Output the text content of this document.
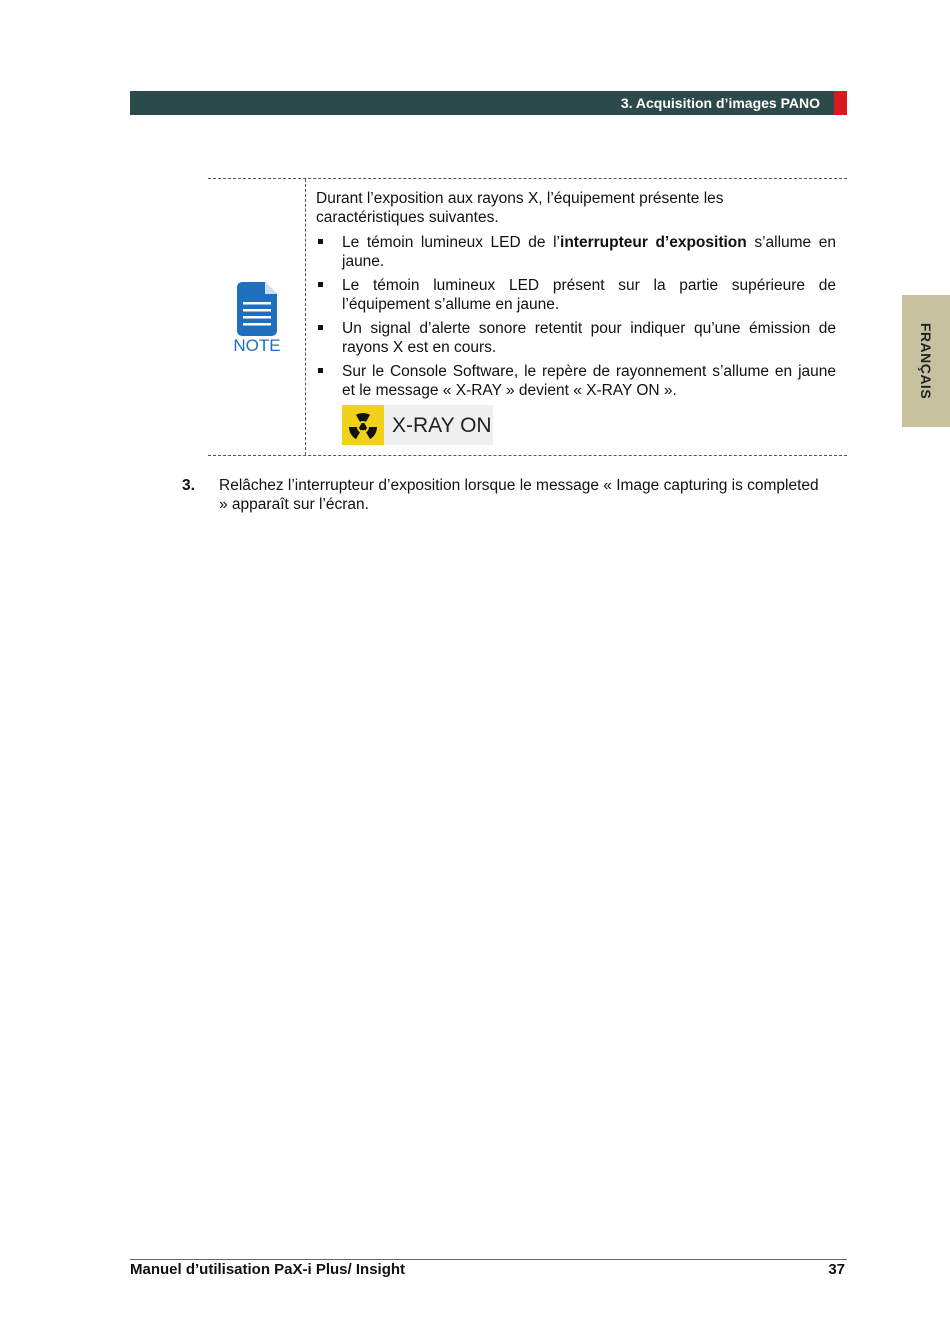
3. Acquisition d’images PANO
FRANÇAIS
NOTE

Durant l’exposition aux rayons X, l’équipement présente les caractéristiques suivantes.

Le témoin lumineux LED de l’interrupteur d’exposition s’allume en jaune.
Le témoin lumineux LED présent sur la partie supérieure de l’équipement s’allume en jaune.
Un signal d’alerte sonore retentit pour indiquer qu’une émission de rayons X est en cours.
Sur le Console Software, le repère de rayonnement s’allume en jaune et le message « X-RAY » devient « X-RAY ON ».
X-RAY ON
3. Relâchez l’interrupteur d’exposition lorsque le message « Image capturing is completed » apparaît sur l’écran.
Manuel d’utilisation PaX-i Plus/ Insight	37
